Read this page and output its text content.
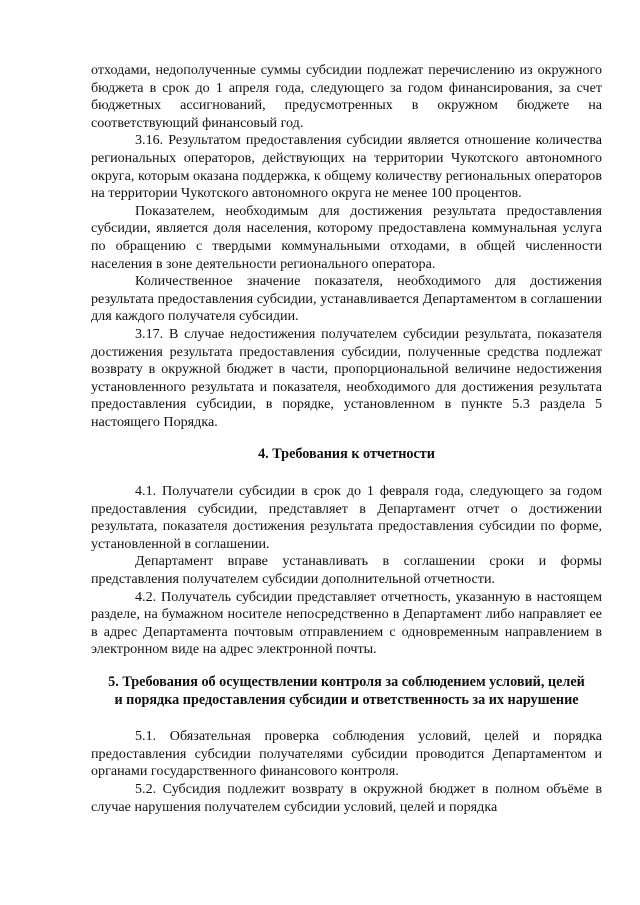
отходами, недополученные суммы субсидии подлежат перечислению из окружного бюджета в срок до 1 апреля года, следующего за годом финансирования, за счет бюджетных ассигнований, предусмотренных в окружном бюджете на соответствующий финансовый год.

3.16. Результатом предоставления субсидии является отношение количества региональных операторов, действующих на территории Чукотского автономного округа, которым оказана поддержка, к общему количеству региональных операторов на территории Чукотского автономного округа не менее 100 процентов.

Показателем, необходимым для достижения результата предоставления субсидии, является доля населения, которому предоставлена коммунальная услуга по обращению с твердыми коммунальными отходами, в общей численности населения в зоне деятельности регионального оператора.

Количественное значение показателя, необходимого для достижения результата предоставления субсидии, устанавливается Департаментом в соглашении для каждого получателя субсидии.

3.17. В случае недостижения получателем субсидии результата, показателя достижения результата предоставления субсидии, полученные средства подлежат возврату в окружной бюджет в части, пропорциональной величине недостижения установленного результата и показателя, необходимого для достижения результата предоставления субсидии, в порядке, установленном в пункте 5.3 раздела 5 настоящего Порядка.

4. Требования к отчетности

4.1. Получатели субсидии в срок до 1 февраля года, следующего за годом предоставления субсидии, представляет в Департамент отчет о достижении результата, показателя достижения результата предоставления субсидии по форме, установленной в соглашении.

Департамент вправе устанавливать в соглашении сроки и формы представления получателем субсидии дополнительной отчетности.

4.2. Получатель субсидии представляет отчетность, указанную в настоящем разделе, на бумажном носителе непосредственно в Департамент либо направляет ее в адрес Департамента почтовым отправлением с одновременным направлением в электронном виде на адрес электронной почты.

5. Требования об осуществлении контроля за соблюдением условий, целей
и порядка предоставления субсидии и ответственность за их нарушение

5.1. Обязательная проверка соблюдения условий, целей и порядка предоставления субсидии получателями субсидии проводится Департаментом и органами государственного финансового контроля.

5.2. Субсидия подлежит возврату в окружной бюджет в полном объёме в случае нарушения получателем субсидии условий, целей и порядка
